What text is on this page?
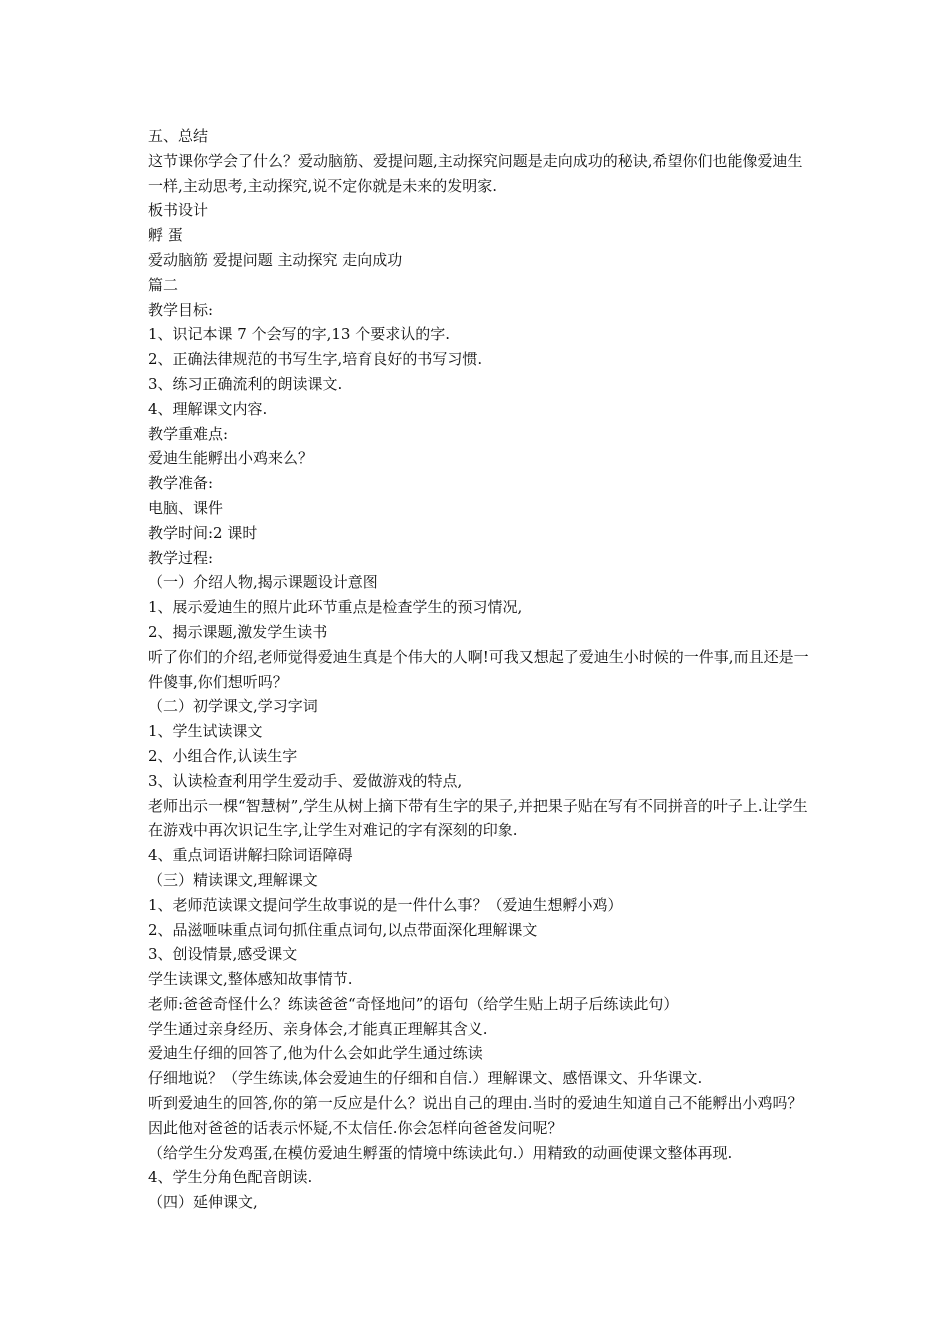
五、总结
这节课你学会了什么？爱动脑筋、爱提问题,主动探究问题是走向成功的秘诀,希望你们也能像爱迪生一样,主动思考,主动探究,说不定你就是未来的发明家.
板书设计
孵 蛋
爱动脑筋 爱提问题 主动探究 走向成功
篇二
教学目标:
1、识记本课 7 个会写的字,13 个要求认的字.
2、正确法律规范的书写生字,培育良好的书写习惯.
3、练习正确流利的朗读课文.
4、理解课文内容.
教学重难点:
爱迪生能孵出小鸡来么？
教学准备:
电脑、课件
教学时间:2 课时
教学过程:
（一）介绍人物,揭示课题设计意图
1、展示爱迪生的照片此环节重点是检查学生的预习情况,
2、揭示课题,激发学生读书
听了你们的介绍,老师觉得爱迪生真是个伟大的人啊!可我又想起了爱迪生小时候的一件事,而且还是一件傻事,你们想听吗？
（二）初学课文,学习字词
1、学生试读课文
2、小组合作,认读生字
3、认读检查利用学生爱动手、爱做游戏的特点,
老师出示一棵“智慧树”,学生从树上摘下带有生字的果子,并把果子贴在写有不同拼音的叶子上.让学生在游戏中再次识记生字,让学生对难记的字有深刻的印象.
4、重点词语讲解扫除词语障碍
（三）精读课文,理解课文
1、老师范读课文提问学生故事说的是一件什么事？（爱迪生想孵小鸡）
2、品滋咂味重点词句抓住重点词句,以点带面深化理解课文
3、创设情景,感受课文
学生读课文,整体感知故事情节.
老师:爸爸奇怪什么？练读爸爸“奇怪地问”的语句（给学生贴上胡子后练读此句）
学生通过亲身经历、亲身体会,才能真正理解其含义.
爱迪生仔细的回答了,他为什么会如此学生通过练读
仔细地说？（学生练读,体会爱迪生的仔细和自信.）理解课文、感悟课文、升华课文.
听到爱迪生的回答,你的第一反应是什么？说出自己的理由.当时的爱迪生知道自己不能孵出小鸡吗？因此他对爸爸的话表示怀疑,不太信任.你会怎样向爸爸发问呢？
（给学生分发鸡蛋,在模仿爱迪生孵蛋的情境中练读此句.）用精致的动画使课文整体再现.
4、学生分角色配音朗读.
（四）延伸课文,
